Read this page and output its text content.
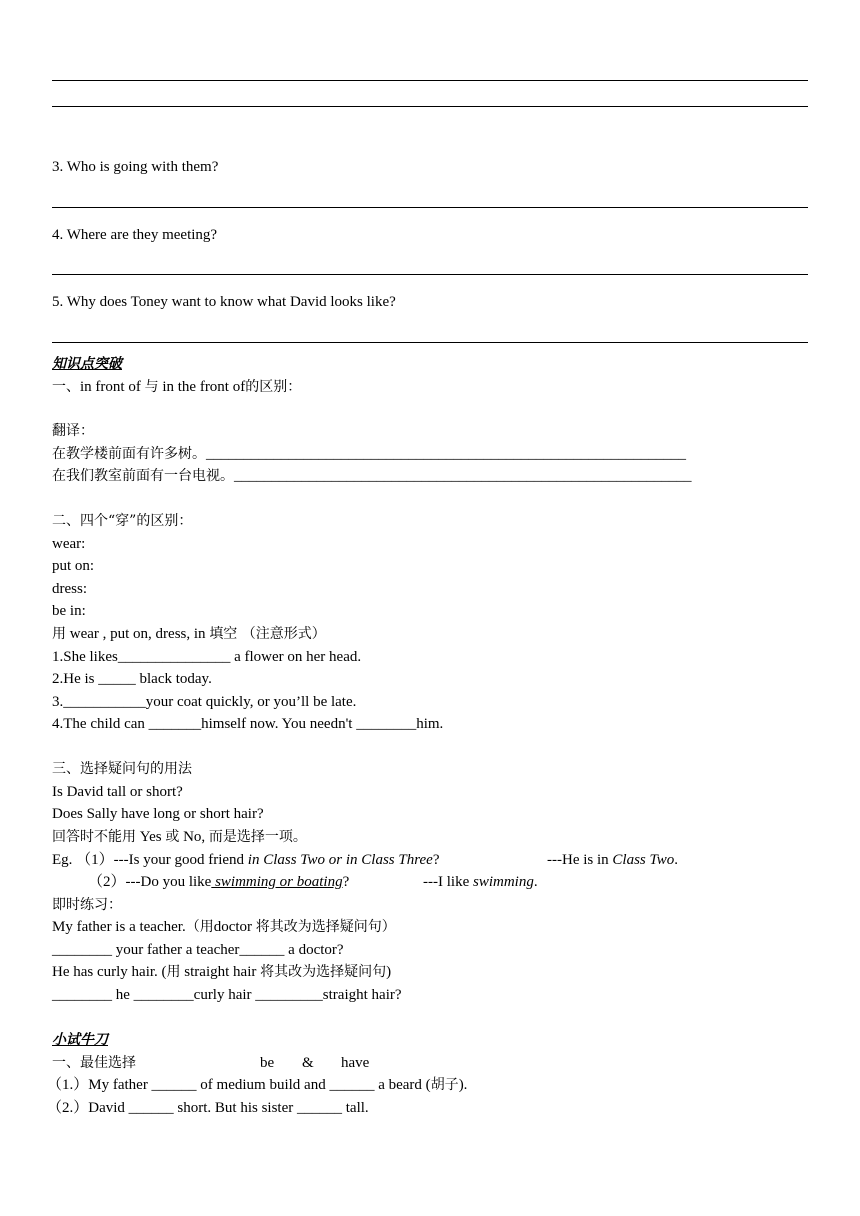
3. Who is going with them?
4. Where are they meeting?
5. Why does Toney want to know what David looks like?
知识点突破
一、in front of 与 in the front of的区别：
翻译：
在教学楼前面有许多树。________________________________________________________________
在我们教室前面有一台电视。_____________________________________________________________
二、四个“穿”的区别：
wear:
put on:
dress:
be in:
用 wear , put on, dress, in 填空 （注意形式）
1.She likes_______________ a flower on her head.
2.He is _____ black today.
3.___________your coat quickly, or you’ll be late.
4.The child can _______himself now. You needn't ________him.
三、选择疑问句的用法
Is David tall or short?
Does Sally have long or short hair?
回答时不能用 Yes 或 No, 而是选择一项。
Eg. （1）---Is your good friend in Class Two or in Class Three?	---He is in Class Two.
（2）---Do you like swimming or boating?	---I like swimming.
即时练习：
My father is a teacher.（用doctor 将其改为选择疑问句）
________ your father a teacher______ a doctor?
He has curly hair. (用 straight hair 将其改为选择疑问句)
________ he ________curly hair _________straight hair?
小试牛刀
一、最佳选择	be & have
（1.）My father ______ of medium build and ______ a beard (胡子).
（2.）David ______ short. But his sister ______ tall.
